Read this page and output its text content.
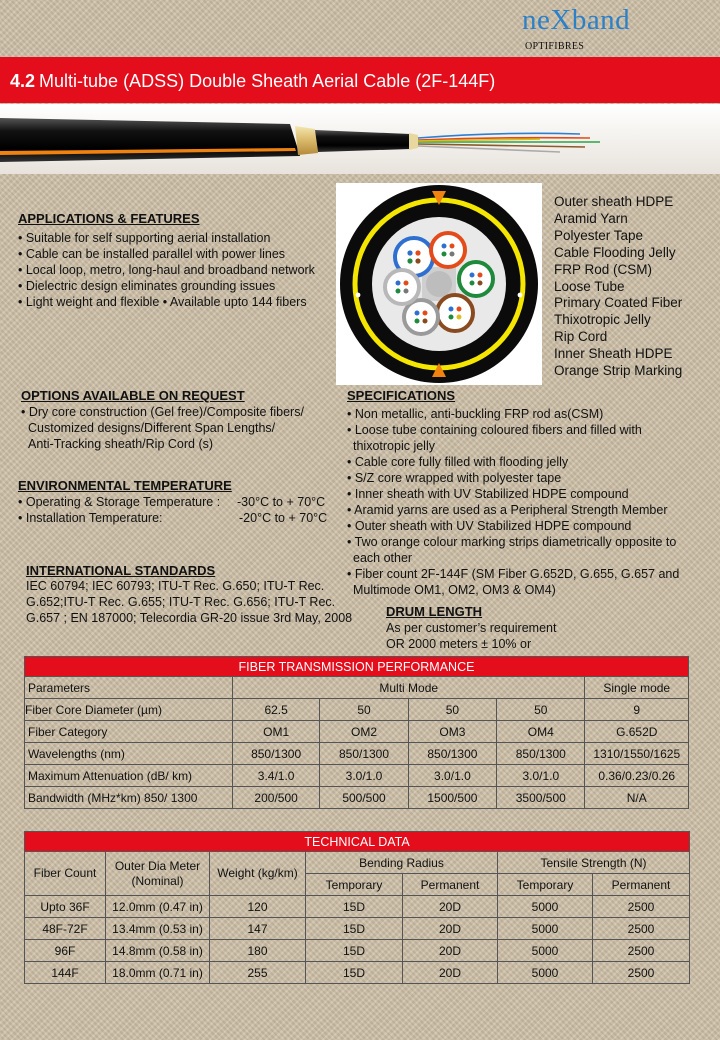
neXband
OPTIFIBRES
4.2 Multi-tube (ADSS) Double Sheath Aerial Cable (2F-144F)
APPLICATIONS & FEATURES
• Suitable for self supporting aerial installation
• Cable can be installed parallel with power lines
• Local loop, metro, long-haul and broadband network
• Dielectric design eliminates grounding issues
• Light weight and flexible • Available upto 144 fibers
Outer sheath HDPE
Aramid Yarn
Polyester Tape
Cable Flooding Jelly
FRP Rod (CSM)
Loose Tube
Primary Coated Fiber
Thixotropic Jelly
Rip Cord
Inner Sheath HDPE
Orange Strip Marking
OPTIONS AVAILABLE ON REQUEST
• Dry core construction (Gel free)/Composite fibers/
Customized designs/Different Span Lengths/
Anti-Tracking sheath/Rip Cord (s)
ENVIRONMENTAL TEMPERATURE
• Operating & Storage Temperature : -30°C to + 70°C
• Installation Temperature:	-20°C to + 70°C
INTERNATIONAL STANDARDS
IEC 60794; IEC 60793; ITU-T Rec. G.650; ITU-T Rec.
G.652;ITU-T Rec. G.655; ITU-T Rec. G.656; ITU-T Rec.
G.657 ; EN 187000; Telecordia GR-20 issue 3rd May, 2008
SPECIFICATIONS
• Non metallic, anti-buckling FRP rod as(CSM)
• Loose tube containing coloured fibers and filled with
thixotropic jelly
• Cable core fully filled with flooding jelly
• S/Z core wrapped with polyester tape
• Inner sheath with UV Stabilized HDPE compound
• Aramid yarns are used as a Peripheral Strength Member
• Outer sheath with UV Stabilized HDPE compound
• Two orange colour marking strips diametrically opposite to
each other
• Fiber count 2F-144F (SM Fiber G.652D, G.655, G.657 and
Multimode OM1, OM2, OM3 & OM4)
DRUM LENGTH
As per customer’s requirement
OR 2000 meters ± 10% or
FIBER TRANSMISSION PERFORMANCE					
Parameters	Multi Mode				Single mode
Fiber Core Diameter (µm)	62.5	50	50	50	9
Fiber Category	OM1	OM2	OM3	OM4	G.652D
Wavelengths (nm)	850/1300	850/1300	850/1300	850/1300	1310/1550/1625
Maximum Attenuation (dB/ km)	3.4/1.0	3.0/1.0	3.0/1.0	3.0/1.0	0.36/0.23/0.26
Bandwidth (MHz*km) 850/ 1300	200/500	500/500	1500/500	3500/500	N/A
TECHNICAL DATA						
Fiber Count	Outer Dia Meter (Nominal)	Weight (kg/km)	Bending Radius		Tensile Strength (N)	
			Temporary	Permanent	Temporary	Permanent
Upto 36F	12.0mm (0.47 in)	120	15D	20D	5000	2500
48F-72F	13.4mm (0.53 in)	147	15D	20D	5000	2500
96F	14.8mm (0.58 in)	180	15D	20D	5000	2500
144F	18.0mm (0.71 in)	255	15D	20D	5000	2500
